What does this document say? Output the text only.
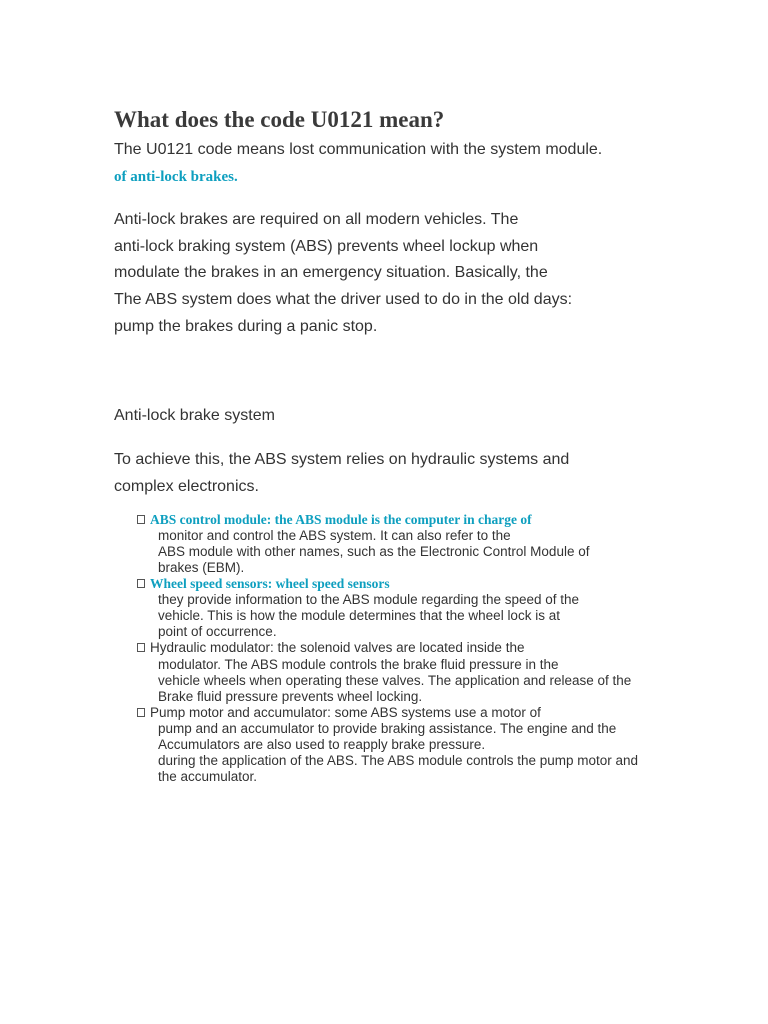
What does the code U0121 mean?
The U0121 code means lost communication with the system module.
of anti-lock brakes.
Anti-lock brakes are required on all modern vehicles. The
anti-lock braking system (ABS) prevents wheel lockup when
modulate the brakes in an emergency situation. Basically, the
The ABS system does what the driver used to do in the old days:
pump the brakes during a panic stop.
Anti-lock brake system
To achieve this, the ABS system relies on hydraulic systems and
complex electronics.
ABS control module: the ABS module is the computer in charge of
monitor and control the ABS system. It can also refer to the
ABS module with other names, such as the Electronic Control Module of
brakes (EBM).
Wheel speed sensors: wheel speed sensors
they provide information to the ABS module regarding the speed of the
vehicle. This is how the module determines that the wheel lock is at
point of occurrence.
Hydraulic modulator: the solenoid valves are located inside the
modulator. The ABS module controls the brake fluid pressure in the
vehicle wheels when operating these valves. The application and release of the
Brake fluid pressure prevents wheel locking.
Pump motor and accumulator: some ABS systems use a motor of
pump and an accumulator to provide braking assistance. The engine and the
Accumulators are also used to reapply brake pressure.
during the application of the ABS. The ABS module controls the pump motor and
the accumulator.
